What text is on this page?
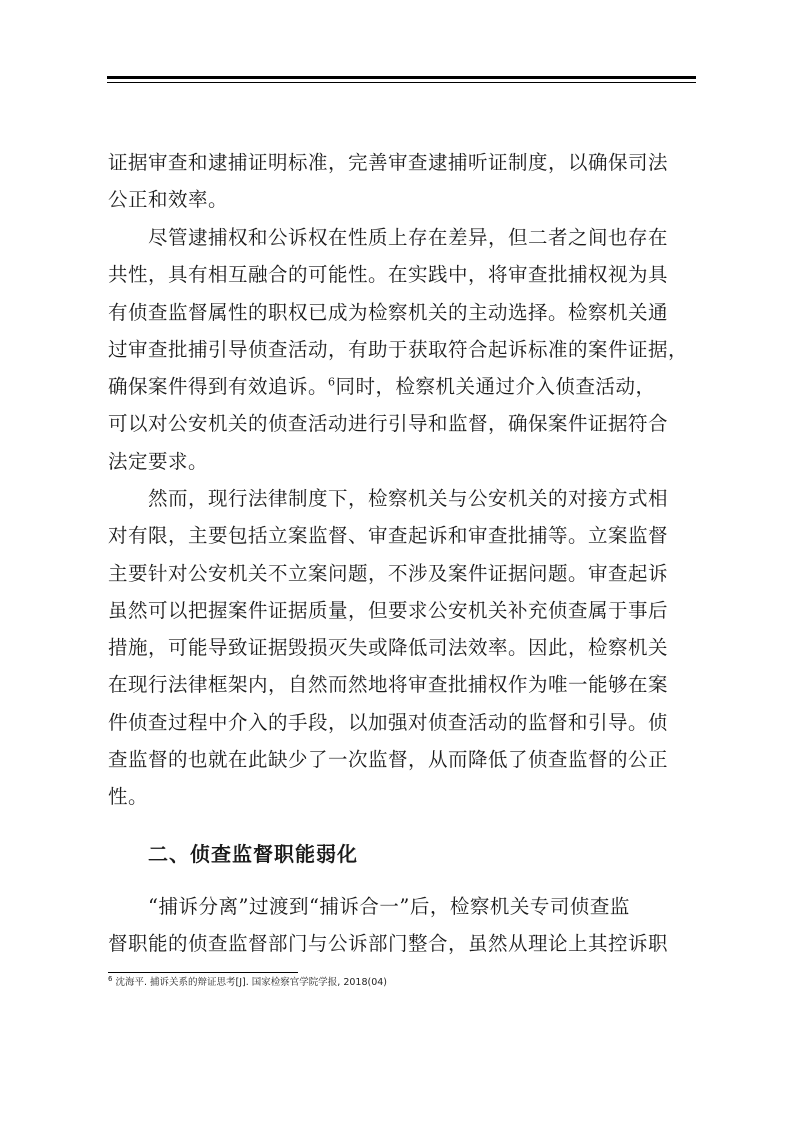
证据审查和逮捕证明标准，完善审查逮捕听证制度，以确保司法
公正和效率。
尽管逮捕权和公诉权在性质上存在差异，但二者之间也存在
共性，具有相互融合的可能性。在实践中，将审查批捕权视为具
有侦查监督属性的职权已成为检察机关的主动选择。检察机关通
过审查批捕引导侦查活动，有助于获取符合起诉标准的案件证据，
确保案件得到有效追诉。$^6$同时，检察机关通过介入侦查活动，
可以对公安机关的侦查活动进行引导和监督，确保案件证据符合
法定要求。
然而，现行法律制度下，检察机关与公安机关的对接方式相
对有限，主要包括立案监督、审查起诉和审查批捕等。立案监督
主要针对公安机关不立案问题，不涉及案件证据问题。审查起诉
虽然可以把握案件证据质量，但要求公安机关补充侦查属于事后
措施，可能导致证据毁损灭失或降低司法效率。因此，检察机关
在现行法律框架内，自然而然地将审查批捕权作为唯一能够在案
件侦查过程中介入的手段，以加强对侦查活动的监督和引导。侦
查监督的也就在此缺少了一次监督，从而降低了侦查监督的公正
性。
二、侦查监督职能弱化
“捕诉分离”过渡到“捕诉合一”后，检察机关专司侦查监
督职能的侦查监督部门与公诉部门整合，虽然从理论上其控诉职
$^6$ 沈海平. 捕诉关系的辩证思考[J]. 国家检察官学院学报, 2018(04)
